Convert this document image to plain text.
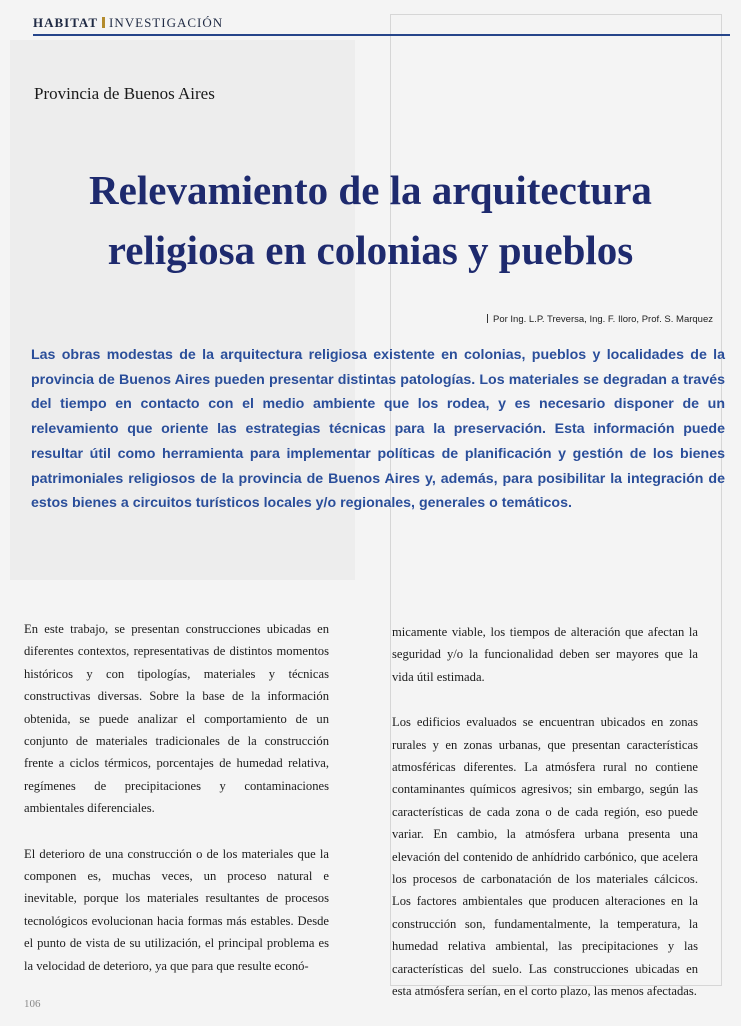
HABITAT INVESTIGACIÓN
Provincia de Buenos Aires
Relevamiento de la arquitectura
religiosa en colonias y pueblos
Por Ing. L.P. Treversa, Ing. F. Iloro, Prof. S. Marquez
Las obras modestas de la arquitectura religiosa existente en colonias, pueblos y localidades de la provincia de Buenos Aires pueden presentar distintas patologías. Los materiales se degradan a través del tiempo en contacto con el medio ambiente que los rodea, y es necesario disponer de un relevamiento que oriente las estrategias técnicas para la preservación. Esta información puede resultar útil como herramienta para implementar políticas de planificación y gestión de los bienes patrimoniales religiosos de la provincia de Buenos Aires y, además, para posibilitar la integración de estos bienes a circuitos turísticos locales y/o regionales, generales o temáticos.

En este trabajo, se presentan construcciones ubicadas en diferentes contextos, representativas de distintos momentos históricos y con tipologías, materiales y técnicas constructivas diversas. Sobre la base de la información obtenida, se puede analizar el comportamiento de un conjunto de materiales tradicionales de la construcción frente a ciclos térmicos, porcentajes de humedad relativa, regímenes de precipitaciones y contaminaciones ambientales diferenciales.

El deterioro de una construcción o de los materiales que la componen es, muchas veces, un proceso natural e inevitable, porque los materiales resultantes de procesos tecnológicos evolucionan hacia formas más estables. Desde el punto de vista de su utilización, el principal problema es la velocidad de deterioro, ya que para que resulte econó-

micamente viable, los tiempos de alteración que afectan la seguridad y/o la funcionalidad deben ser mayores que la vida útil estimada.

Los edificios evaluados se encuentran ubicados en zonas rurales y en zonas urbanas, que presentan características atmosféricas diferentes. La atmósfera rural no contiene contaminantes químicos agresivos; sin embargo, según las características de cada zona o de cada región, eso puede variar. En cambio, la atmósfera urbana presenta una elevación del contenido de anhídrido carbónico, que acelera los procesos de carbonatación de los materiales cálcicos. Los factores ambientales que producen alteraciones en la construcción son, fundamentalmente, la temperatura, la humedad relativa ambiental, las precipitaciones y las características del suelo. Las construcciones ubicadas en esta atmósfera serían, en el corto plazo, las menos afectadas.

106
